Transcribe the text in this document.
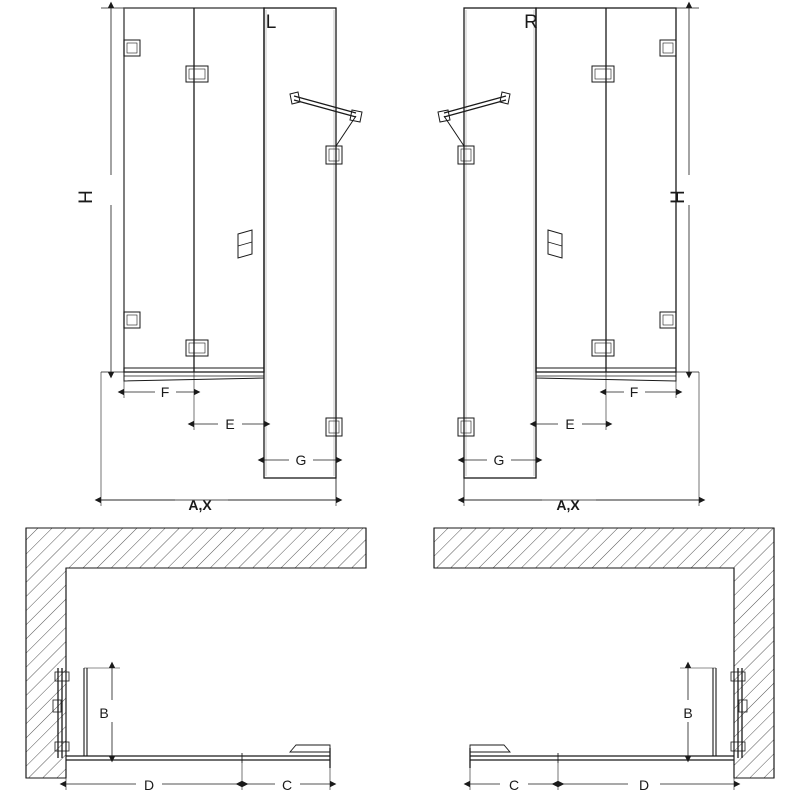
L	R
H	H
F
E
G
F
E
G
A,X	A,X
B	B
D	C	C	D
